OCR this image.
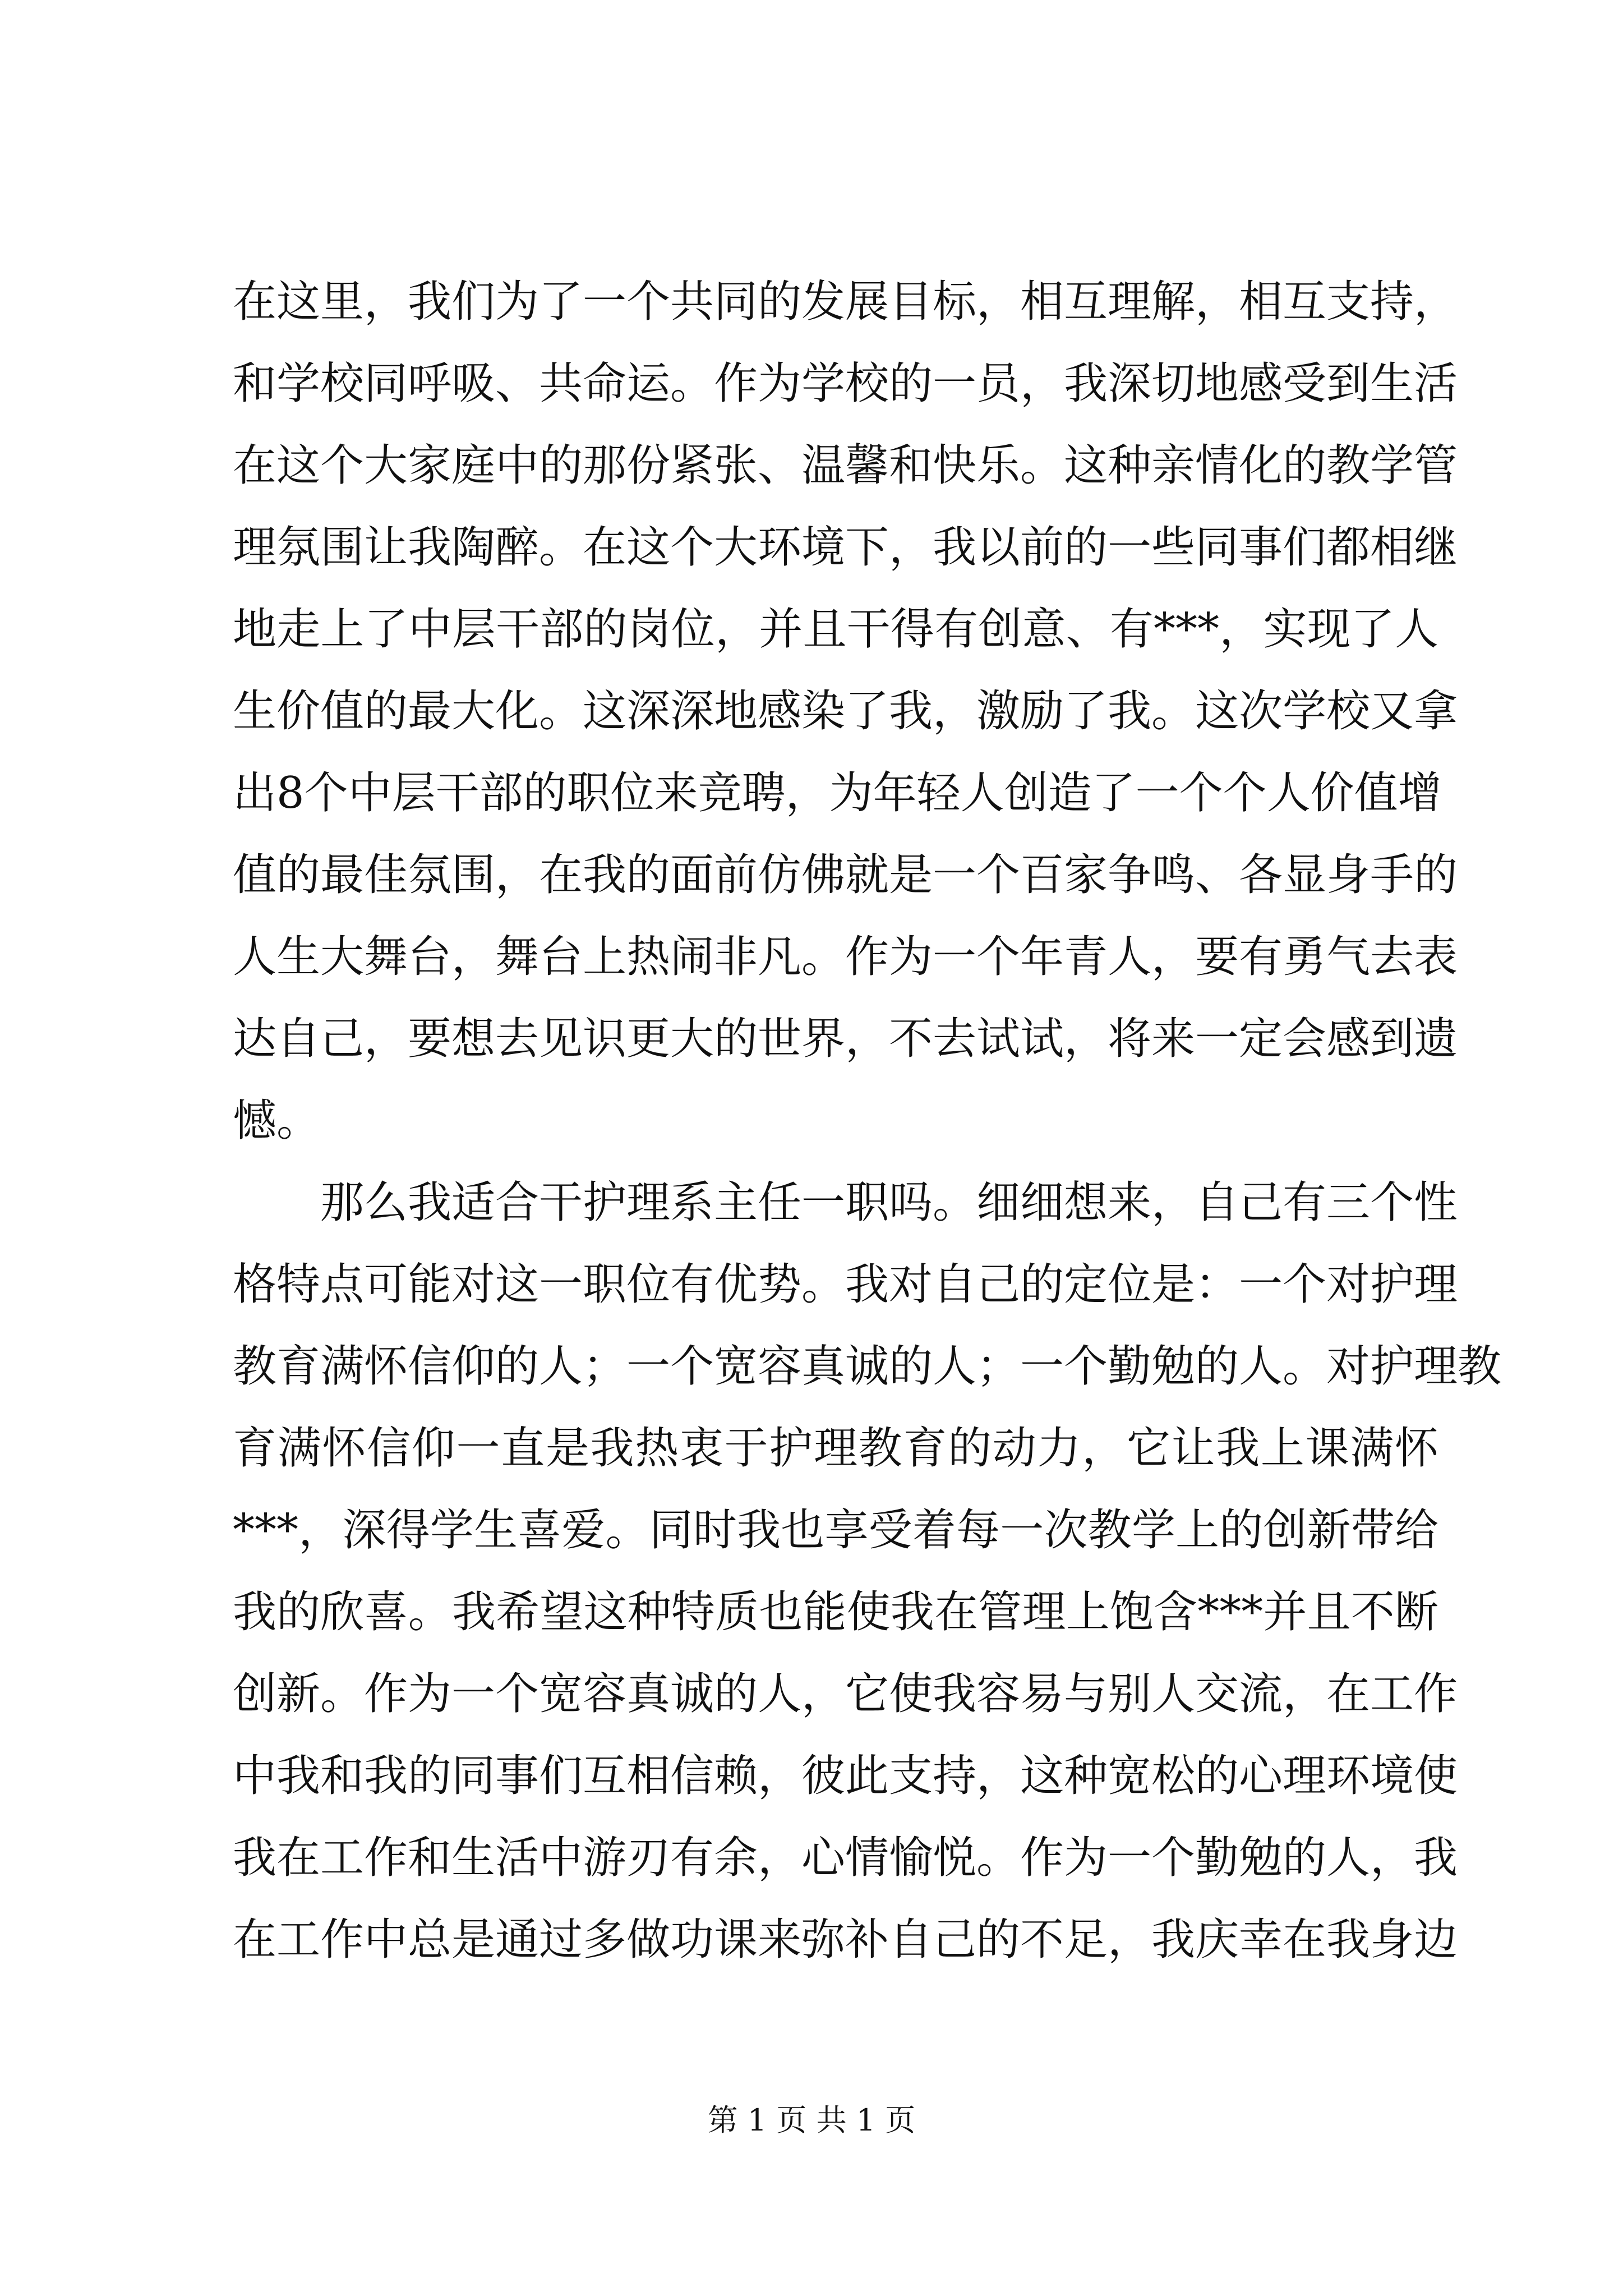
在这里，我们为了一个共同的发展目标，相互理解，相互支持，
和学校同呼吸、共命运。作为学校的一员，我深切地感受到生活
在这个大家庭中的那份紧张、温馨和快乐。这种亲情化的教学管
理氛围让我陶醉。在这个大环境下，我以前的一些同事们都相继
地走上了中层干部的岗位，并且干得有创意、有***，实现了人
生价值的最大化。这深深地感染了我，激励了我。这次学校又拿
出8个中层干部的职位来竞聘，为年轻人创造了一个个人价值增
值的最佳氛围，在我的面前仿佛就是一个百家争鸣、各显身手的
人生大舞台，舞台上热闹非凡。作为一个年青人，要有勇气去表
达自己，要想去见识更大的世界，不去试试，将来一定会感到遗
憾。
那么我适合干护理系主任一职吗。细细想来，自己有三个性
格特点可能对这一职位有优势。我对自己的定位是：一个对护理
教育满怀信仰的人；一个宽容真诚的人；一个勤勉的人。对护理教
育满怀信仰一直是我热衷于护理教育的动力，它让我上课满怀
***，深得学生喜爱。同时我也享受着每一次教学上的创新带给
我的欣喜。我希望这种特质也能使我在管理上饱含***并且不断
创新。作为一个宽容真诚的人，它使我容易与别人交流，在工作
中我和我的同事们互相信赖，彼此支持，这种宽松的心理环境使
我在工作和生活中游刃有余，心情愉悦。作为一个勤勉的人，我
在工作中总是通过多做功课来弥补自己的不足，我庆幸在我身边
第 1 页 共 1 页
